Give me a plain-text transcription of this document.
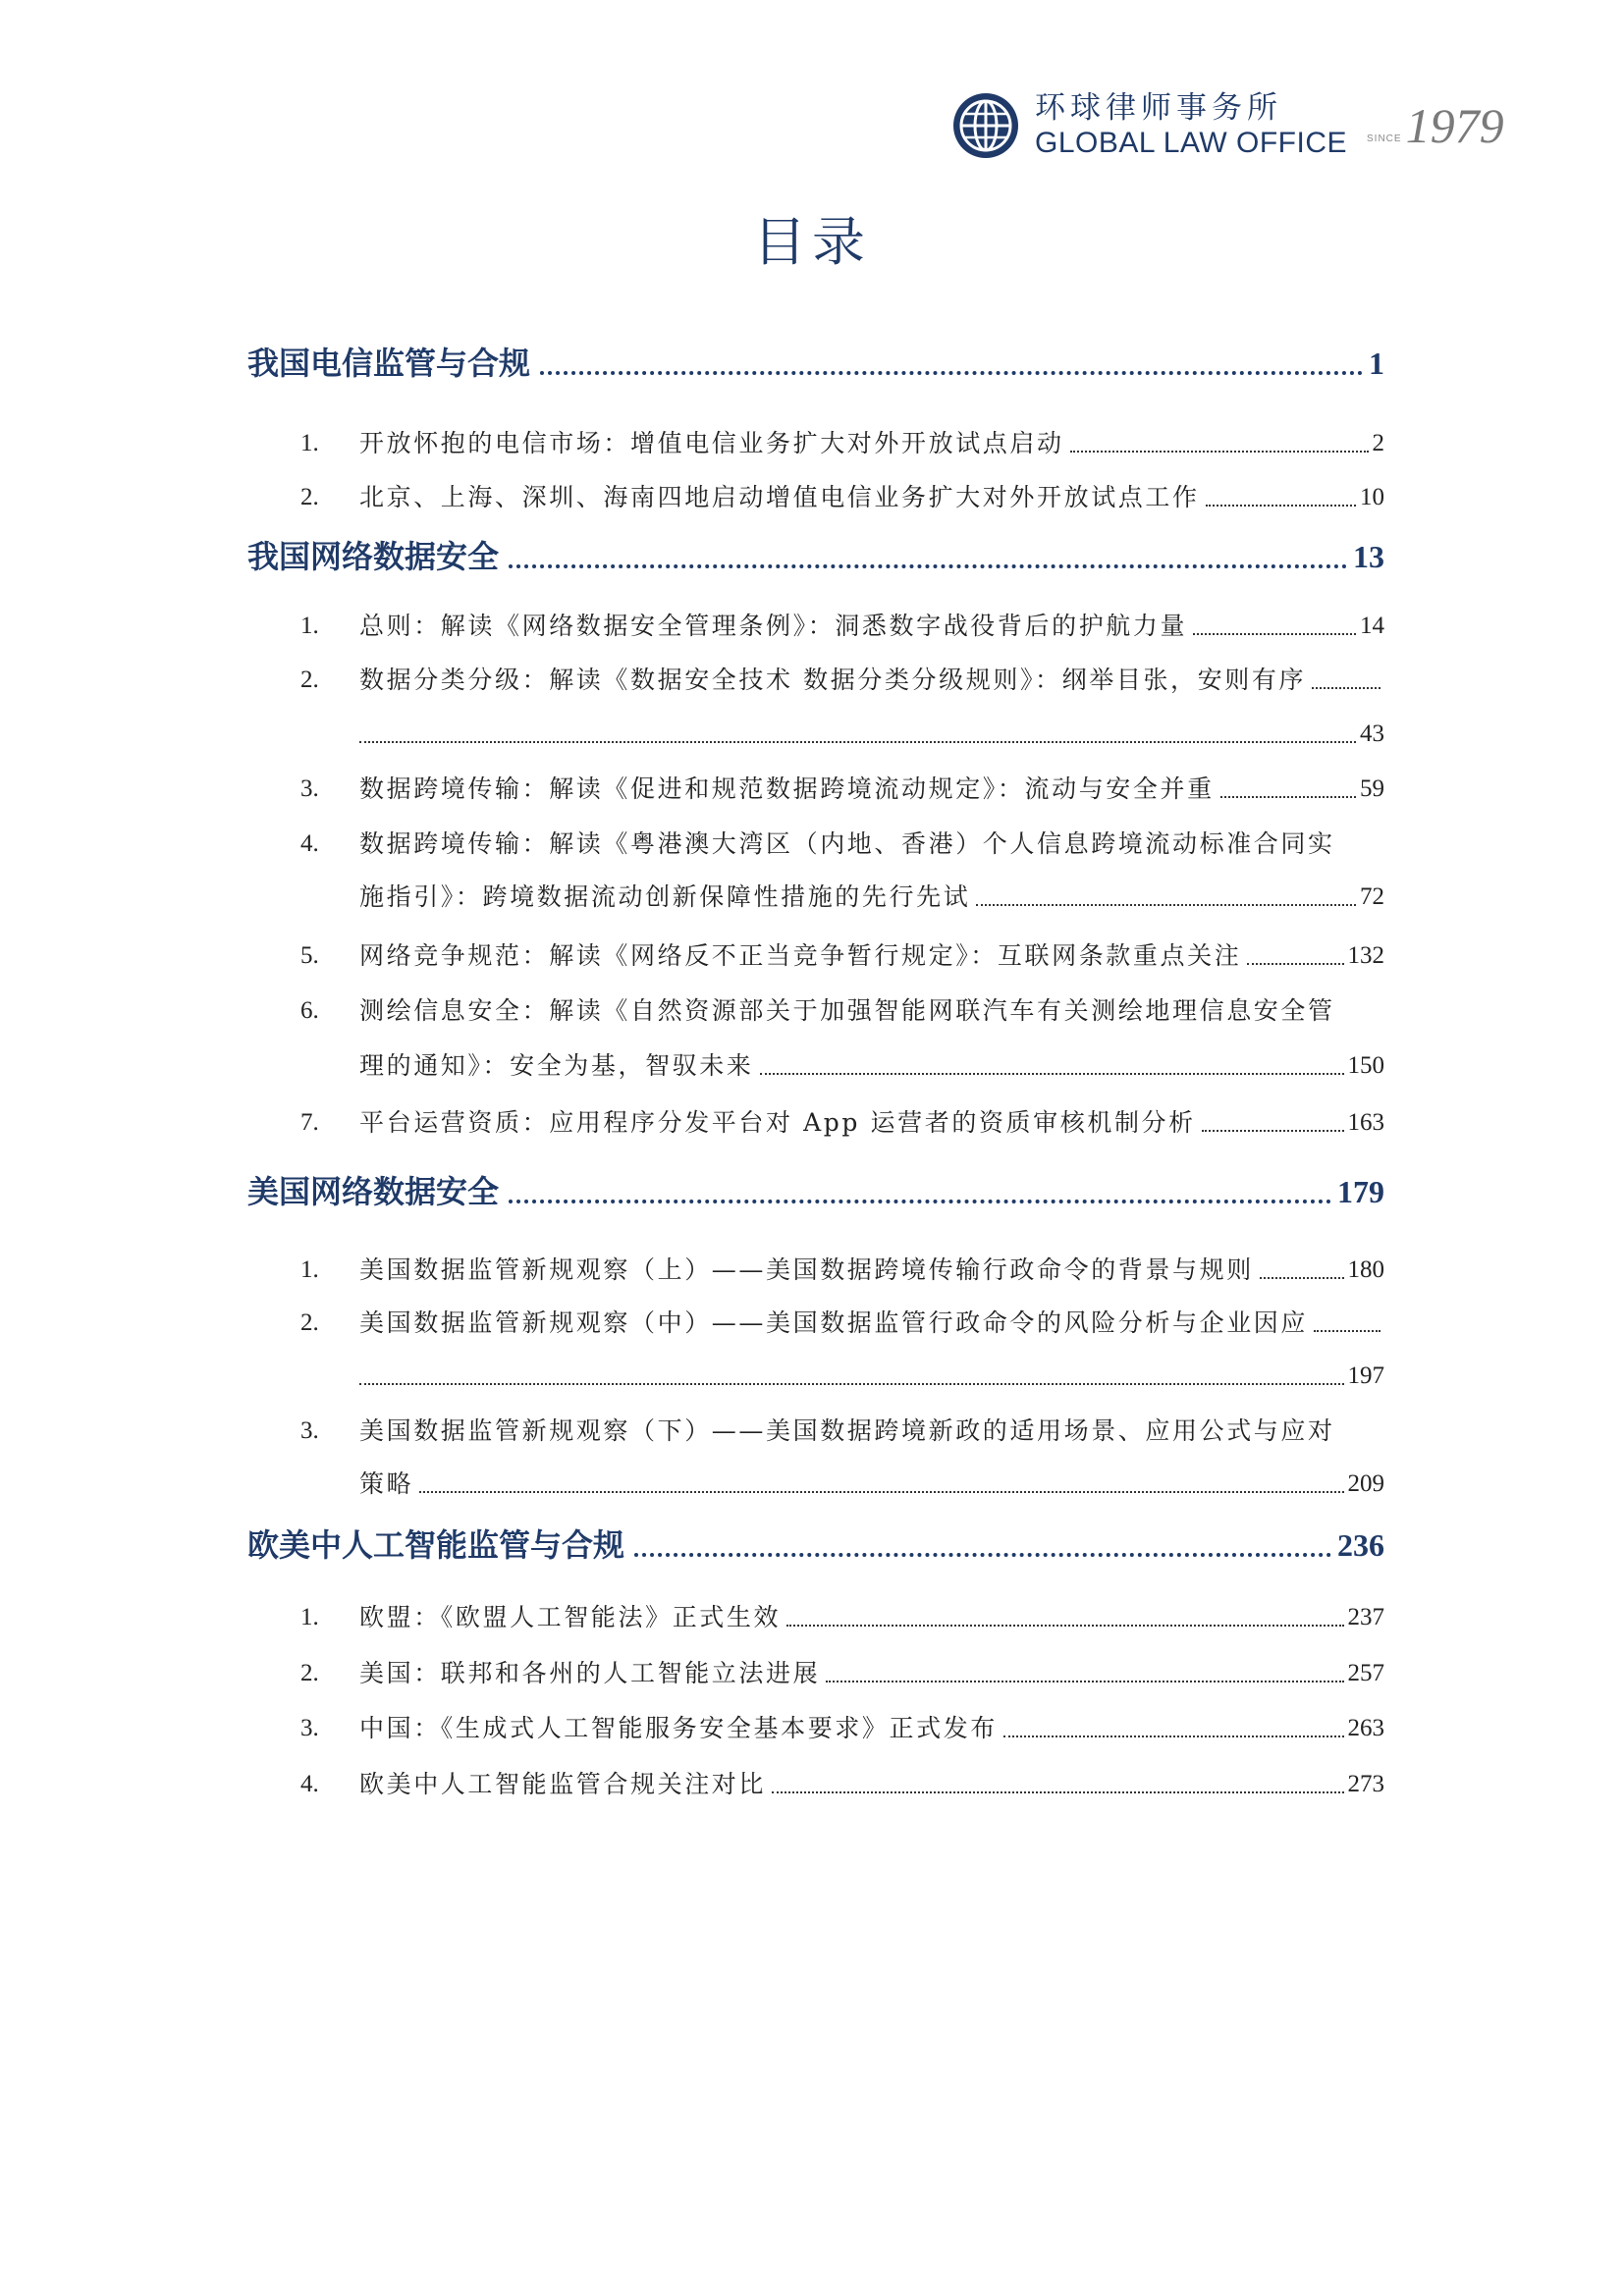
环球律师事务所
GLOBAL LAW OFFICE SINCE 1979
目录
我国电信监管与合规	1
1.	开放怀抱的电信市场：增值电信业务扩大对外开放试点启动	2
2.	北京、上海、深圳、海南四地启动增值电信业务扩大对外开放试点工作	10
我国网络数据安全	13
1.	总则：解读《网络数据安全管理条例》：洞悉数字战役背后的护航力量	14
2.	数据分类分级：解读《数据安全技术 数据分类分级规则》：纲举目张，安则有序
43
3.	数据跨境传输：解读《促进和规范数据跨境流动规定》：流动与安全并重	59
4.	数据跨境传输：解读《粤港澳大湾区（内地、香港）个人信息跨境流动标准合同实
施指引》：跨境数据流动创新保障性措施的先行先试	72
5.	网络竞争规范：解读《网络反不正当竞争暂行规定》：互联网条款重点关注	132
6.	测绘信息安全：解读《自然资源部关于加强智能网联汽车有关测绘地理信息安全管
理的通知》：安全为基，智驭未来	150
7.	平台运营资质：应用程序分发平台对 App 运营者的资质审核机制分析	163
美国网络数据安全	179
1.	美国数据监管新规观察（上）——美国数据跨境传输行政命令的背景与规则	180
2.	美国数据监管新规观察（中）——美国数据监管行政命令的风险分析与企业因应
197
3.	美国数据监管新规观察（下）——美国数据跨境新政的适用场景、应用公式与应对
策略	209
欧美中人工智能监管与合规	236
1.	欧盟：《欧盟人工智能法》正式生效	237
2.	美国：联邦和各州的人工智能立法进展	257
3.	中国：《生成式人工智能服务安全基本要求》正式发布	263
4.	欧美中人工智能监管合规关注对比	273
